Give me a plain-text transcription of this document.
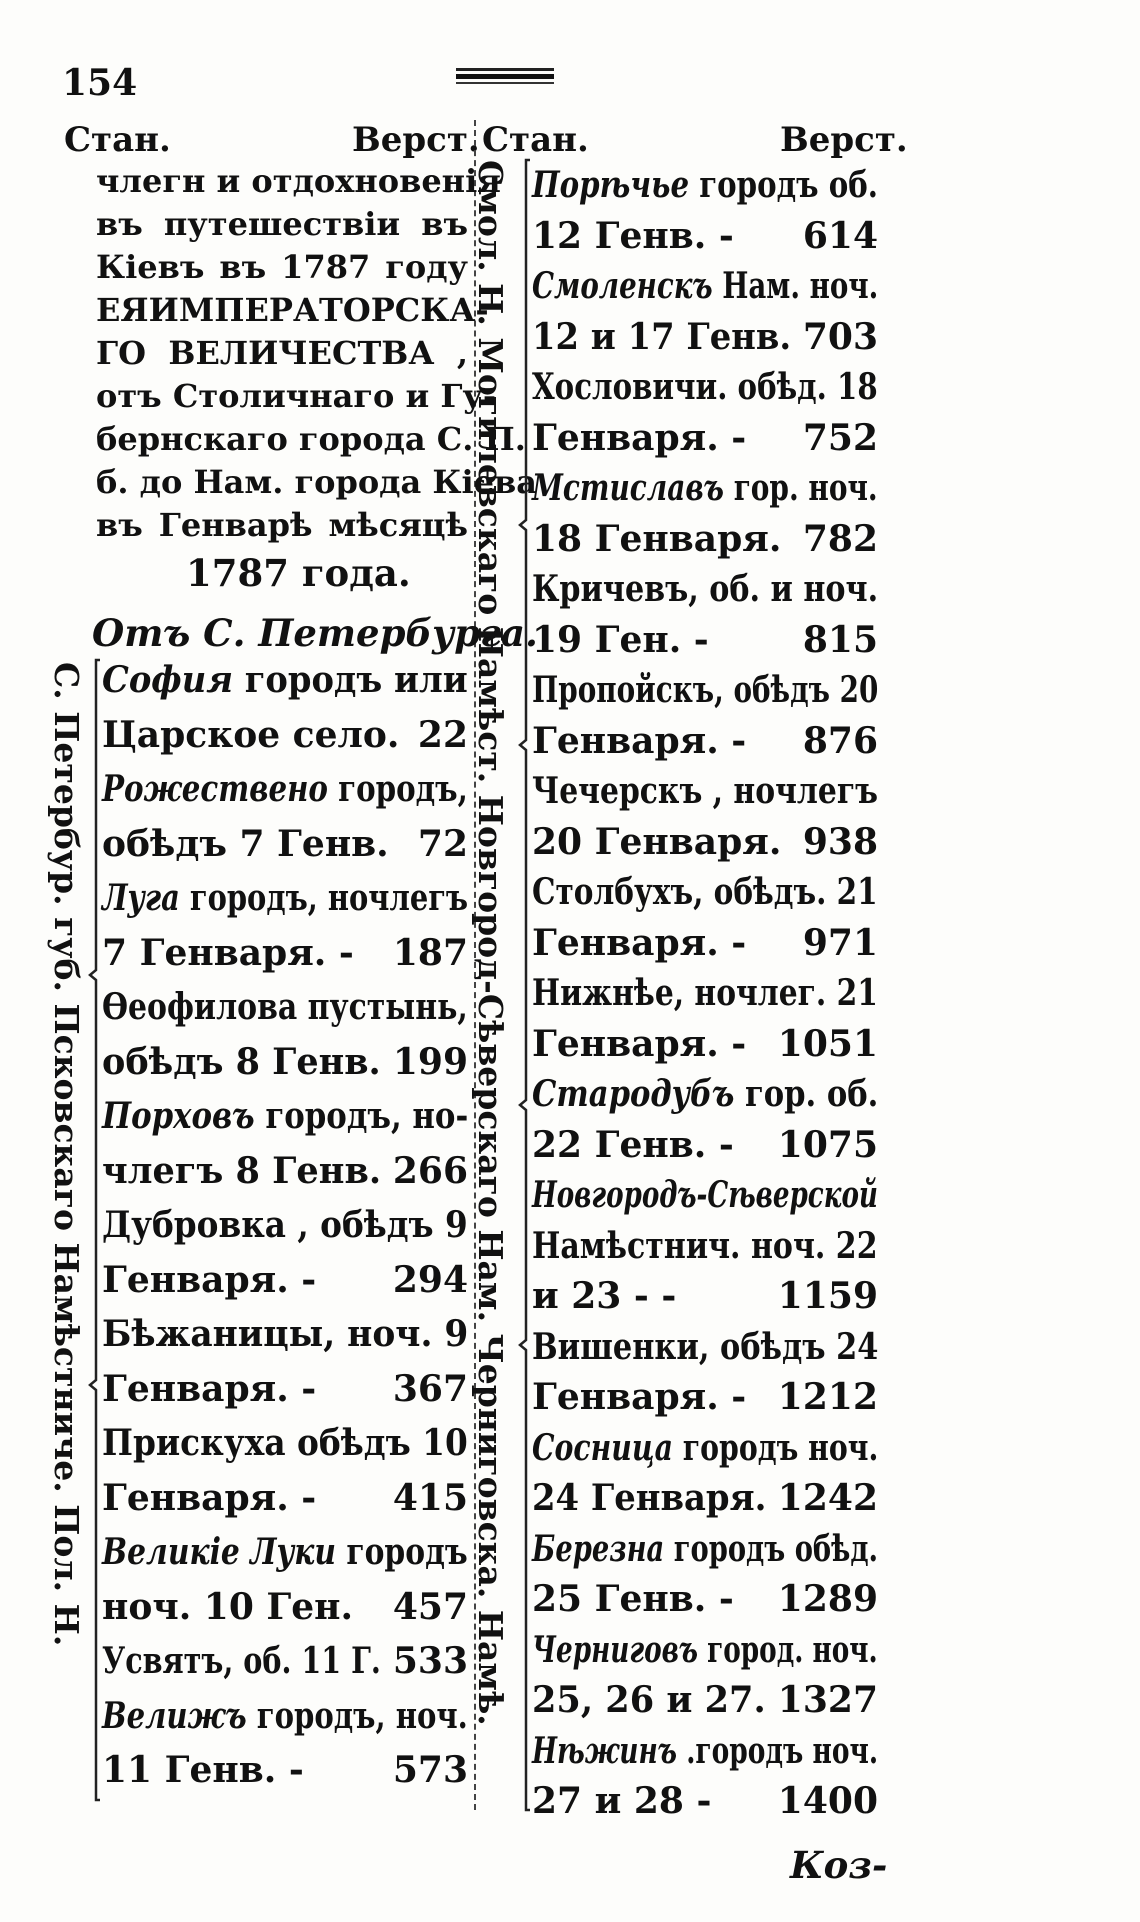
154
Стан.	Верст. Стан.	Верст.
члегн и отдохновенія
въ путешествіи въ
Кіевъ въ 1787 году
ЕЯИМПЕРАТОРСКА-
ГО ВЕЛИЧЕСТВА ,
отъ Столичнаго и Гу-
бернскаго города С. П.
б. до Нам. города Кіева
въ Генварѣ мѣсяцѣ
1787 года.
Отъ С. Петербурга.
С. Петербур. губ. Псковскаго Намѣстниче. Пол. Н.	Смол. Н. Могилевскаго Намѣст. Новгород-Сѣверскаго Нам. Черниговска. Намѣ.
София городъ или
Царское село. 22
Рожествено городъ,
обѣдъ 7 Генв. 72
Луга городъ, ночлегъ
7 Генваря. - 187
Ѳеофилова пустынь,
обѣдъ 8 Генв. 199
Порховъ городъ, но-
члегъ 8 Генв. 266
Дубровка , обѣдъ 9
Генваря. - 294
Бѣжаницы, ноч. 9
Генваря. - 367
Прискуха обѣдъ 10
Генваря. - 415
Великіе Луки городъ
ноч. 10 Ген. 457
Усвятъ, об. 11 Г. 533
Велижъ городъ, ноч.
11 Генв. - 573
Порѣчье городъ об.
12 Генв. - 614
Смоленскъ Нам. ноч.
12 и 17 Генв. 703
Хословичи. обѣд. 18
Генваря. - 752
Мстиславъ гор. ноч.
18 Генваря. 782
Кричевъ, об. и ноч.
19 Ген. -	815
Пропойскъ, обѣдъ 20
Генваря. - 876
Чечерскъ , ночлегъ
20 Генваря. 938
Столбухъ, обѣдъ. 21
Генваря. - 971
Нижнѣе, ночлег. 21
Генваря. - 1051
Стародубъ гор. об.
22 Генв. - 1075
Новгородъ-Сѣверской
Намѣстнич. ноч. 22
и 23 - -	1159
Вишенки, обѣдъ 24
Генваря. - 1212
Сосница городъ ноч.
24 Генваря. 1242
Березна городъ обѣд.
25 Генв. - 1289
Черниговъ город. ноч.
25, 26 и 27. 1327
Нѣжинъ .городъ ноч.
27 и 28 - 1400
Коз-
